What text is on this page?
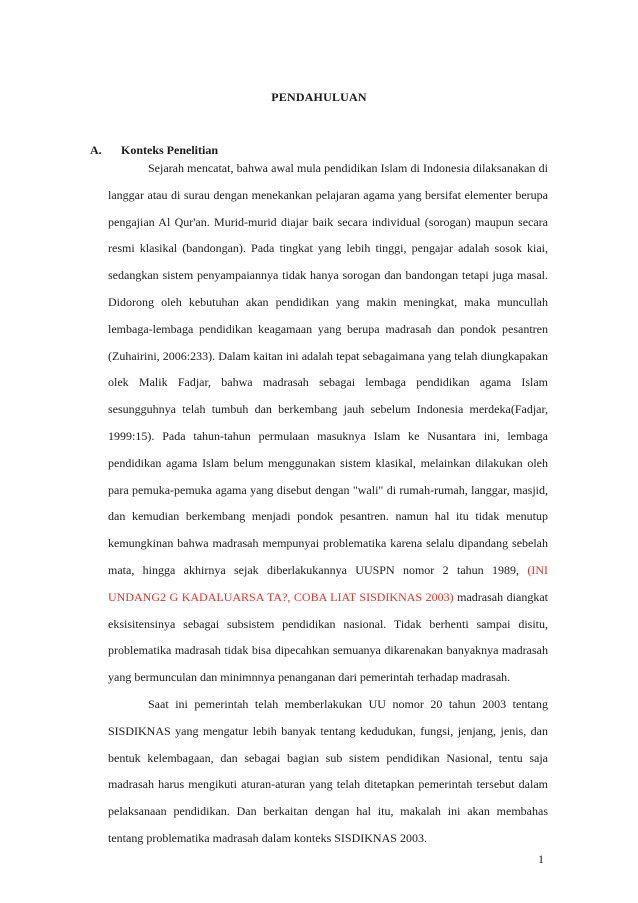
PENDAHULUAN
A. Konteks Penelitian

Sejarah mencatat, bahwa awal mula pendidikan Islam di Indonesia dilaksanakan di langgar atau di surau dengan menekankan pelajaran agama yang bersifat elementer berupa pengajian Al Qur'an. Murid-murid diajar baik secara individual (sorogan) maupun secara resmi klasikal (bandongan). Pada tingkat yang lebih tinggi, pengajar adalah sosok kiai, sedangkan sistem penyampaiannya tidak hanya sorogan dan bandongan tetapi juga masal. Didorong oleh kebutuhan akan pendidikan yang makin meningkat, maka muncullah lembaga-lembaga pendidikan keagamaan yang berupa madrasah dan pondok pesantren (Zuhairini, 2006:233). Dalam kaitan ini adalah tepat sebagaimana yang telah diungkapakan olek Malik Fadjar, bahwa madrasah sebagai lembaga pendidikan agama Islam sesungguhnya telah tumbuh dan berkembang jauh sebelum Indonesia merdeka(Fadjar, 1999:15). Pada tahun-tahun permulaan masuknya Islam ke Nusantara ini, lembaga pendidikan agama Islam belum menggunakan sistem klasikal, melainkan dilakukan oleh para pemuka-pemuka agama yang disebut dengan "wali" di rumah-rumah, langgar, masjid, dan kemudian berkembang menjadi pondok pesantren. namun hal itu tidak menutup kemungkinan bahwa madrasah mempunyai problematika karena selalu dipandang sebelah mata, hingga akhirnya sejak diberlakukannya UUSPN nomor 2 tahun 1989, (INI UNDANG2 G KADALUARSA TA?, COBA LIAT SISDIKNAS 2003) madrasah diangkat eksisitensinya sebagai subsistem pendidikan nasional. Tidak berhenti sampai disitu, problematika madrasah tidak bisa dipecahkan semuanya dikarenakan banyaknya madrasah yang bermunculan dan minimnnya penanganan dari pemerintah terhadap madrasah.

Saat ini pemerintah telah memberlakukan UU nomor 20 tahun 2003 tentang SISDIKNAS yang mengatur lebih banyak tentang kedudukan, fungsi, jenjang, jenis, dan bentuk kelembagaan, dan sebagai bagian sub sistem pendidikan Nasional, tentu saja madrasah harus mengikuti aturan-aturan yang telah ditetapkan pemerintah tersebut dalam pelaksanaan pendidikan. Dan berkaitan dengan hal itu, makalah ini akan membahas tentang problematika madrasah dalam konteks SISDIKNAS 2003.

1
